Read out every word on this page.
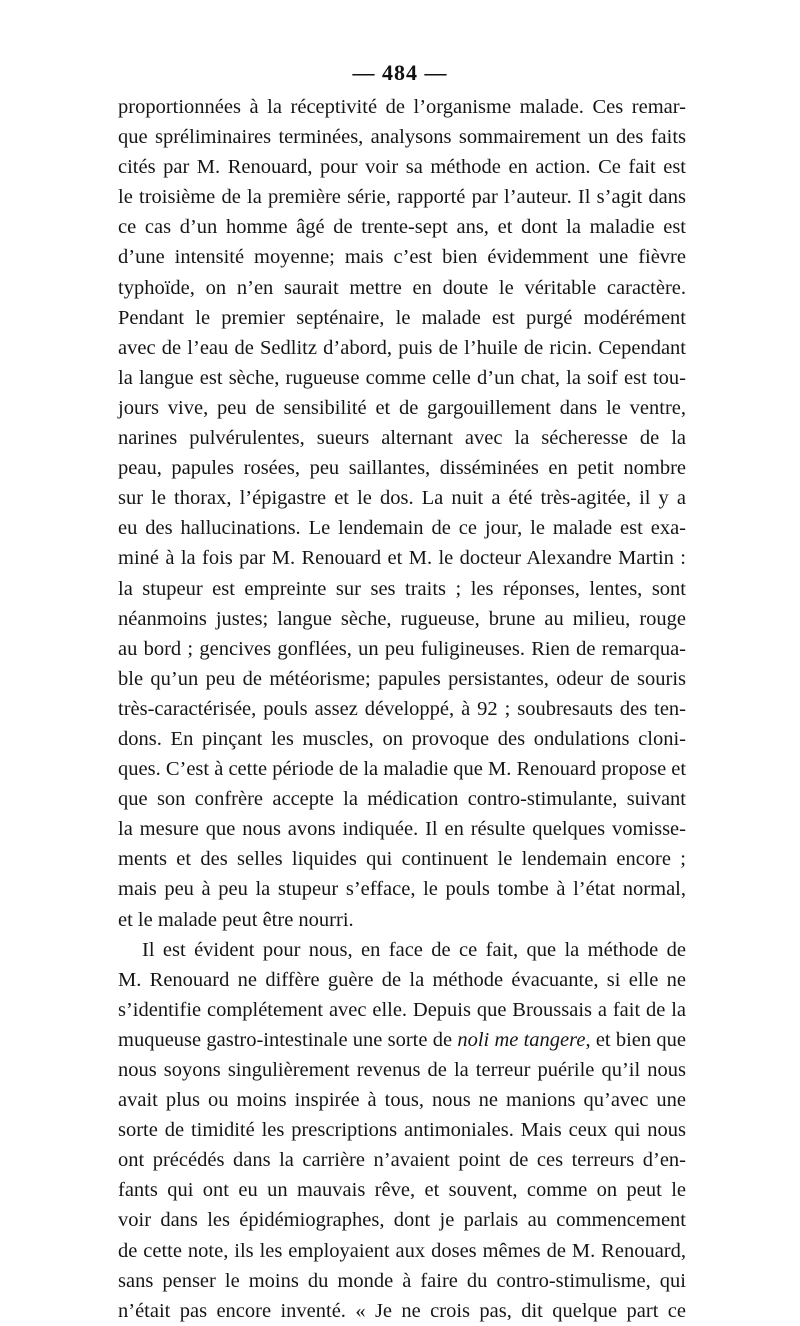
— 484 —
proportionnées à la réceptivité de l’organisme malade. Ces remar-
que spréliminaires terminées, analysons sommairement un des faits
cités par M. Renouard, pour voir sa méthode en action. Ce fait est
le troisième de la première série, rapporté par l’auteur. Il s’agit dans
ce cas d’un homme âgé de trente-sept ans, et dont la maladie est
d’une intensité moyenne; mais c’est bien évidemment une fièvre
typhoïde, on n’en saurait mettre en doute le véritable caractère.
Pendant le premier septénaire, le malade est purgé modérément
avec de l’eau de Sedlitz d’abord, puis de l’huile de ricin. Cependant
la langue est sèche, rugueuse comme celle d’un chat, la soif est tou-
jours vive, peu de sensibilité et de gargouillement dans le ventre,
narines pulvérulentes, sueurs alternant avec la sécheresse de la
peau, papules rosées, peu saillantes, disséminées en petit nombre
sur le thorax, l’épigastre et le dos. La nuit a été très-agitée, il y a
eu des hallucinations. Le lendemain de ce jour, le malade est exa-
miné à la fois par M. Renouard et M. le docteur Alexandre Martin :
la stupeur est empreinte sur ses traits ; les réponses, lentes, sont
néanmoins justes; langue sèche, rugueuse, brune au milieu, rouge
au bord ; gencives gonflées, un peu fuligineuses. Rien de remarqua-
ble qu’un peu de météorisme; papules persistantes, odeur de souris
très-caractérisée, pouls assez développé, à 92 ; soubresauts des ten-
dons. En pinçant les muscles, on provoque des ondulations cloni-
ques. C’est à cette période de la maladie que M. Renouard propose et
que son confrère accepte la médication contro-stimulante, suivant
la mesure que nous avons indiquée. Il en résulte quelques vomisse-
ments et des selles liquides qui continuent le lendemain encore ;
mais peu à peu la stupeur s’efface, le pouls tombe à l’état normal,
et le malade peut être nourri.
Il est évident pour nous, en face de ce fait, que la méthode de
M. Renouard ne diffère guère de la méthode évacuante, si elle ne
s’identifie complétement avec elle. Depuis que Broussais a fait de la
muqueuse gastro-intestinale une sorte de noli me tangere, et bien que
nous soyons singulièrement revenus de la terreur puérile qu’il nous
avait plus ou moins inspirée à tous, nous ne manions qu’avec une
sorte de timidité les prescriptions antimoniales. Mais ceux qui nous
ont précédés dans la carrière n’avaient point de ces terreurs d’en-
fants qui ont eu un mauvais rêve, et souvent, comme on peut le
voir dans les épidémiographes, dont je parlais au commencement
de cette note, ils les employaient aux doses mêmes de M. Renouard,
sans penser le moins du monde à faire du contro-stimulisme, qui
n’était pas encore inventé. « Je ne crois pas, dit quelque part ce
